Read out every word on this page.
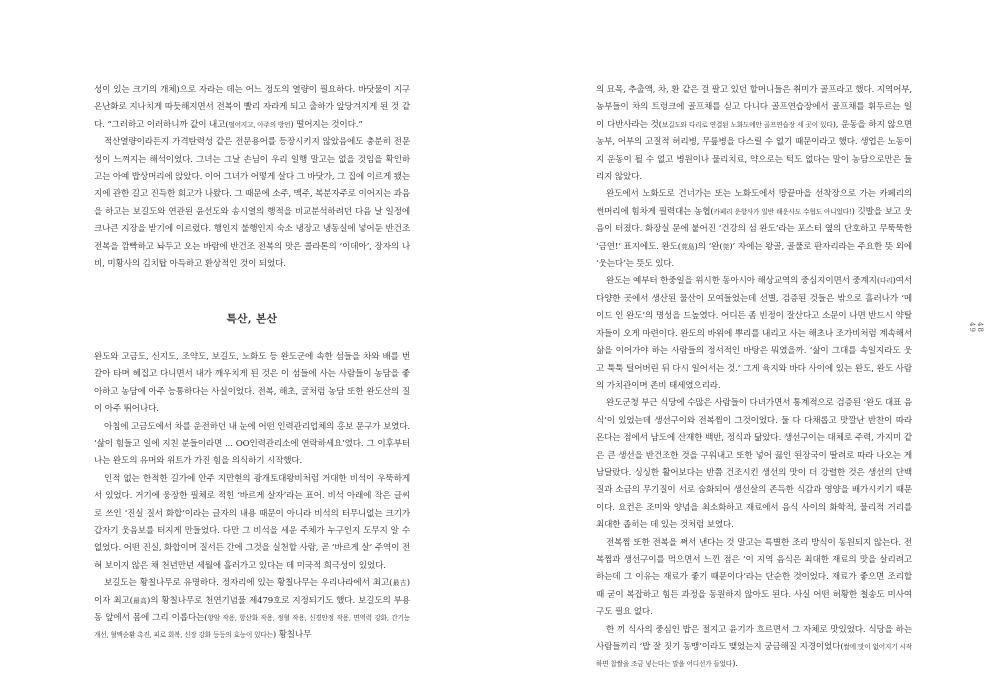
성이 있는 크기의 개체)으로 자라는 데는 어느 정도의 열량이 필요하다. 바닷물이 지구 온난화로 지나치게 따듯해지면서 전복이 빨리 자라게 되고 출하가 앞당겨지게 된 것 같다. “그러하고 이러하니까 값이 내고(떨어지고, 아주의 방언) 떨어지는 것이다.”

적산열량이라든지 가격탄력성 같은 전문용어를 등장시키지 않았음에도 충분히 전문성이 느껴지는 해석이었다. 그녀는 그날 손님이 우리 일행 말고는 없을 것임을 확인하고는 아예 밥상머리에 앉았다. 이어 그녀가 어떻게 살다 그 바닷가, 그 집에 이르게 됐는지에 관한 길고 진득한 회고가 나왔다. 그 때문에 소주, 맥주, 복분자주로 이어지는 과음을 하고는 보길도와 연관된 윤선도와 송시열의 행적을 비교분석하려던 다음 날 일정에 크나큰 지장을 받기에 이르렀다. 행인지 불행인지 숙소 냉장고 냉동실에 넣어둔 반건조 전복을 깜빡하고 놔두고 오는 바람에 반건조 전복의 맛은 콜라톤의 ‘이데아’, 장자의 나비, 미황사의 김치탑 아득하고 환상적인 것이 되었다.

특산, 본산

완도와 고금도, 신지도, 조약도, 보길도, 노화도 등 완도군에 속한 섬들을 차와 배를 번갈아 타며 헤집고 다니면서 내가 깨우치게 된 것은 이 섬들에 사는 사람들이 농담을 좋아하고 농담에 아주 능통하다는 사실이었다. 전복, 해초, 굴처럼 농담 또한 완도산의 질이 아주 뛰어나다.

아침에 고금도에서 차를 운전하던 내 눈에 어떤 인력관리업체의 홍보 문구가 보였다. ‘삶이 힘들고 일에 지친 분들이라면 ... OO인력관리소에 연락하세요’였다. 그 이후부터 나는 완도의 유머와 위트가 가진 힘을 의식하기 시작했다.

인적 없는 한적한 길가에 안주 지만현의 광개토대왕비처럼 거대한 비석이 우뚝하게 서 있었다. 거기에 웅장한 필체로 적힌 ‘바르게 살자’라는 표어. 비석 아래에 작은 글씨로 쓰인 ‘진실 질서 화합’이라는 글자의 내용 때문이 아니라 비석의 터무니없는 크기가 갑자기 웃음보를 터지게 만들었다. 다만 그 비석을 세운 주체가 누구인지 도무지 알 수 없었다. 어떤 진실, 화합이며 질서든 간에 그것을 실천할 사람, 곧 ‘바르게 살’ 주역이 전혀 보이지 않은 채 천년만년 세월에 흘러가고 있다는 데 미국적 희극성이 있었다.

보길도는 황칠나무로 유명하다. 정자리에 있는 황칠나무는 우리나라에서 최고(最古)이자 최고(最高)의 황칠나무로 천연기념물 제479호로 지정되기도 했다. 보길도의 부용동 앞에서 몸에 그리 이롭다는(항암 작용, 항산화 작용, 정혈 작용, 신경안정 작용, 면역력 강화, 간기능 개선, 혈액순환 촉진, 피로 회복, 신장 강화 등등의 효능이 있다는) 황칠나무

의 묘목, 추출액, 차, 환 같은 걸 팔고 있던 할머니들은 취미가 골프라고 했다. 지역어부, 농부들이 차의 트렁크에 골프채를 싣고 다니다 골프연습장에서 골프채를 휘두르는 일이 다반사라는 것(보길도와 다리로 연결된 노화도에만 골프연습장 세 곳이 있다), 운동을 하지 않으면 농부, 어부의 고질적 허리병, 무릎병을 다스릴 수 없기 때문이라고 했다. 생업은 노동이지 운동이 될 수 없고 병원이나 물리치료, 약으로는 턱도 없다는 말이 농담으로만은 들리지 않았다.

완도에서 노화도로 건너가는 또는 노화도에서 땅끝마을 선착장으로 가는 카페리의 썬머리에 힘차게 필력대는 농협(카페리 운항사가 일반 해운사도 수협도 아니었다!) 깃발을 보고 웃음이 터졌다. 화장실 문에 붙어진 ‘건강의 섬 완도’라는 포스터 옆의 단호하고 무뚝뚝한 ‘금연!’ 표지에도. 완도(莞島)의 ‘완(莞)’ 자에는 왕골, 골풀로 판자리라는 주요한 뜻 외에 ‘웃는다’는 뜻도 있다.

완도는 예부터 한중일을 위시한 동아시아 해상교역의 중심지이면서 중계지(다리)여서 다양한 곳에서 생산된 물산이 모여들었는데 선별, 검증된 것들은 밖으로 흘러나가 ‘메이드 인 완도’의 명성을 드높였다. 어디든 좀 빈정이 잘산다고 소문이 나면 반드시 약탈자들이 오게 마련이다. 완도의 바위에 뿌리를 내리고 사는 해초나 조가비처럼 계속해서 삶을 이어가야 하는 사람들의 정서적인 바탕은 뭐였을까. ‘삶이 그대를 속일지라도 웃고 툭툭 털어버린 뒤 다시 일어서는 것.’ 그게 육지와 바다 사이에 있는 완도, 완도 사람의 가치관이며 존비 태세였으리라.

완도군청 부근 식당에 수많은 사람들이 다녀가면서 통계적으로 검증된 ‘완도 대표 음식’이 있었는데 생선구이와 전복찜이 그것이었다. 둘 다 다채롭고 맛깔난 반찬이 따라온다는 점에서 남도에 산재한 백반, 정식과 닮았다. 생선구이는 대체로 주력, 가지미 같은 큰 생선을 반건조한 것을 구워내고 또한 넣어 끓인 된장국이 딸려로 따라 나오는 게 남달랐다. 싱싱한 활어보다는 반쯤 건조시킨 생선의 맛이 더 강렬한 것은 생선의 단백질과 소금의 무기질이 서로 숨화되어 생선살의 존득한 식감과 영양을 배가시키기 때문이다. 요컨은 조미와 양념을 최소화하고 재료에서 음식 사이의 화학적, 물리적 거리를 최대한 좁히는 데 있는 것처럼 보였다.

전복찜 또한 전복을 쪄서 낸다는 것 말고는 특별한 조리 방식이 동원되지 않는다. 전복찜과 생선구이를 먹으면서 느낀 점은 ‘이 지역 음식은 최대한 재료의 맛을 살리려고 하는데 그 이유는 재료가 좋기 때문이다’라는 단순한 것이었다. 재료가 좋으면 조리할 때 굳이 복잡하고 힘든 과정을 동원하지 않아도 된다. 사실 어떤 허황한 철송도 미사여구도 필요 없다.

한 끼 식사의 중심인 밥은 절지고 윤기가 흐르면서 그 자체로 맛있었다. 식당을 하는 사람들끼리 ‘밥 잘 짓기 동맹’이라도 맺었는지 궁금해질 지경이었다(쌀에 맛이 없어지기 시작하면 찹쌀을 조금 넣는다는 말을 어디선가 들었다).

48
49
